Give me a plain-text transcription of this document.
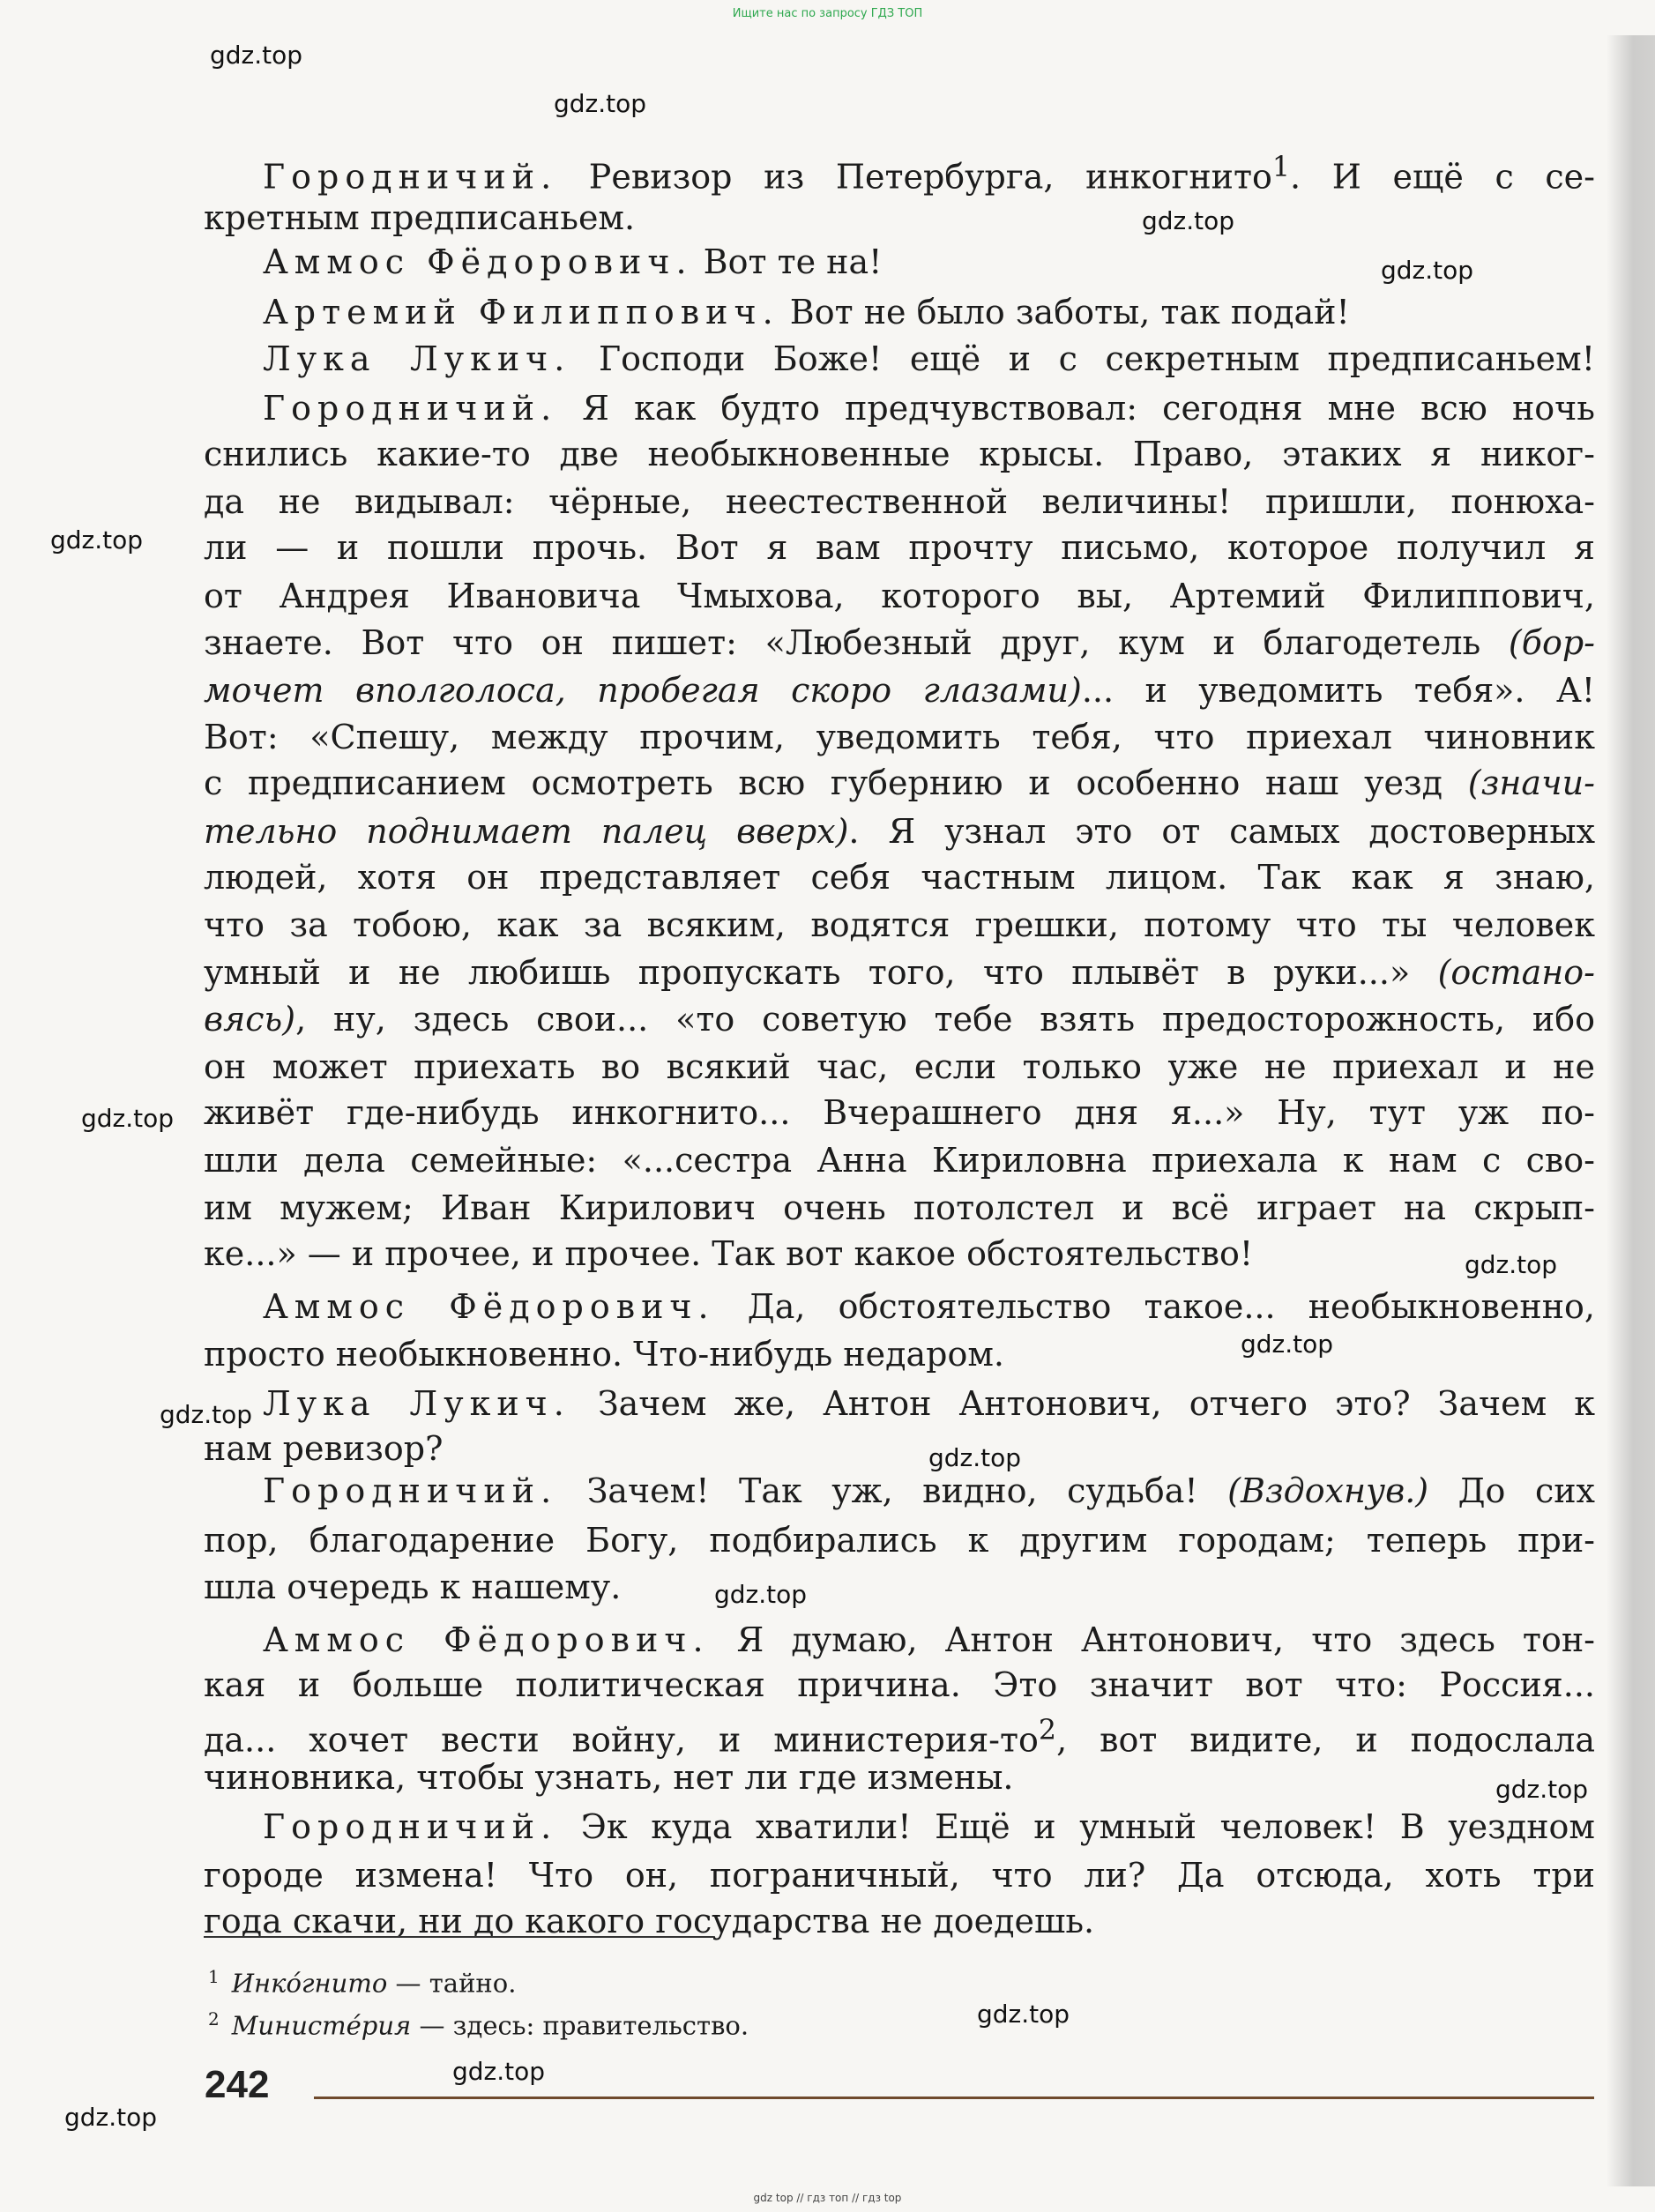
Ищите нас по запросу ГДЗ ТОП
gdz.top
gdz.top
gdz.top
gdz.top
gdz.top
gdz.top
gdz.top
gdz.top
gdz.top
gdz.top
gdz.top
gdz.top
gdz.top
gdz.top
gdz.top
Городничий. Ревизор из Петербурга, инкогнито$^1$. И ещё с се-
кретным предписаньем.
Аммос Фёдорович. Вот те на!
Артемий Филиппович. Вот не было заботы, так подай!
Лука Лукич. Господи Боже! ещё и с секретным предписаньем!
Городничий. Я как будто предчувствовал: сегодня мне всю ночь
снились какие-то две необыкновенные крысы. Право, этаких я никог-
да не видывал: чёрные, неестественной величины! пришли, понюха-
ли — и пошли прочь. Вот я вам прочту письмо, которое получил я
от Андрея Ивановича Чмыхова, которого вы, Артемий Филиппович,
знаете. Вот что он пишет: «Любезный друг, кум и благодетель (бор-
мочет вполголоса, пробегая скоро глазами)... и уведомить тебя». А!
Вот: «Спешу, между прочим, уведомить тебя, что приехал чиновник
с предписанием осмотреть всю губернию и особенно наш уезд (значи-
тельно поднимает палец вверх). Я узнал это от самых достоверных
людей, хотя он представляет себя частным лицом. Так как я знаю,
что за тобою, как за всяким, водятся грешки, потому что ты человек
умный и не любишь пропускать того, что плывёт в руки...» (остано-
вясь), ну, здесь свои... «то советую тебе взять предосторожность, ибо
он может приехать во всякий час, если только уже не приехал и не
живёт где-нибудь инкогнито... Вчерашнего дня я...» Ну, тут уж по-
шли дела семейные: «...сестра Анна Кириловна приехала к нам с сво-
им мужем; Иван Кирилович очень потолстел и всё играет на скрып-
ке...» — и прочее, и прочее. Так вот какое обстоятельство!
Аммос Фёдорович. Да, обстоятельство такое... необыкновенно,
просто необыкновенно. Что-нибудь недаром.
Лука Лукич. Зачем же, Антон Антонович, отчего это? Зачем к
нам ревизор?
Городничий. Зачем! Так уж, видно, судьба! (Вздохнув.) До сих
пор, благодарение Богу, подбирались к другим городам; теперь при-
шла очередь к нашему.
Аммос Фёдорович. Я думаю, Антон Антонович, что здесь тон-
кая и больше политическая причина. Это значит вот что: Россия...
да... хочет вести войну, и министерия-$то^2$, вот видите, и подослала
чиновника, чтобы узнать, нет ли где измены.
Городничий. Эк куда хватили! Ещё и умный человек! В уездном
городе измена! Что он, пограничный, что ли? Да отсюда, хоть три
года скачи, ни до какого государства не доедешь.
$^1$ Инкóгнито — тайно.
$^2$ Министéрия — здесь: правительство.
242
gdz top // гдз топ // гдз top
